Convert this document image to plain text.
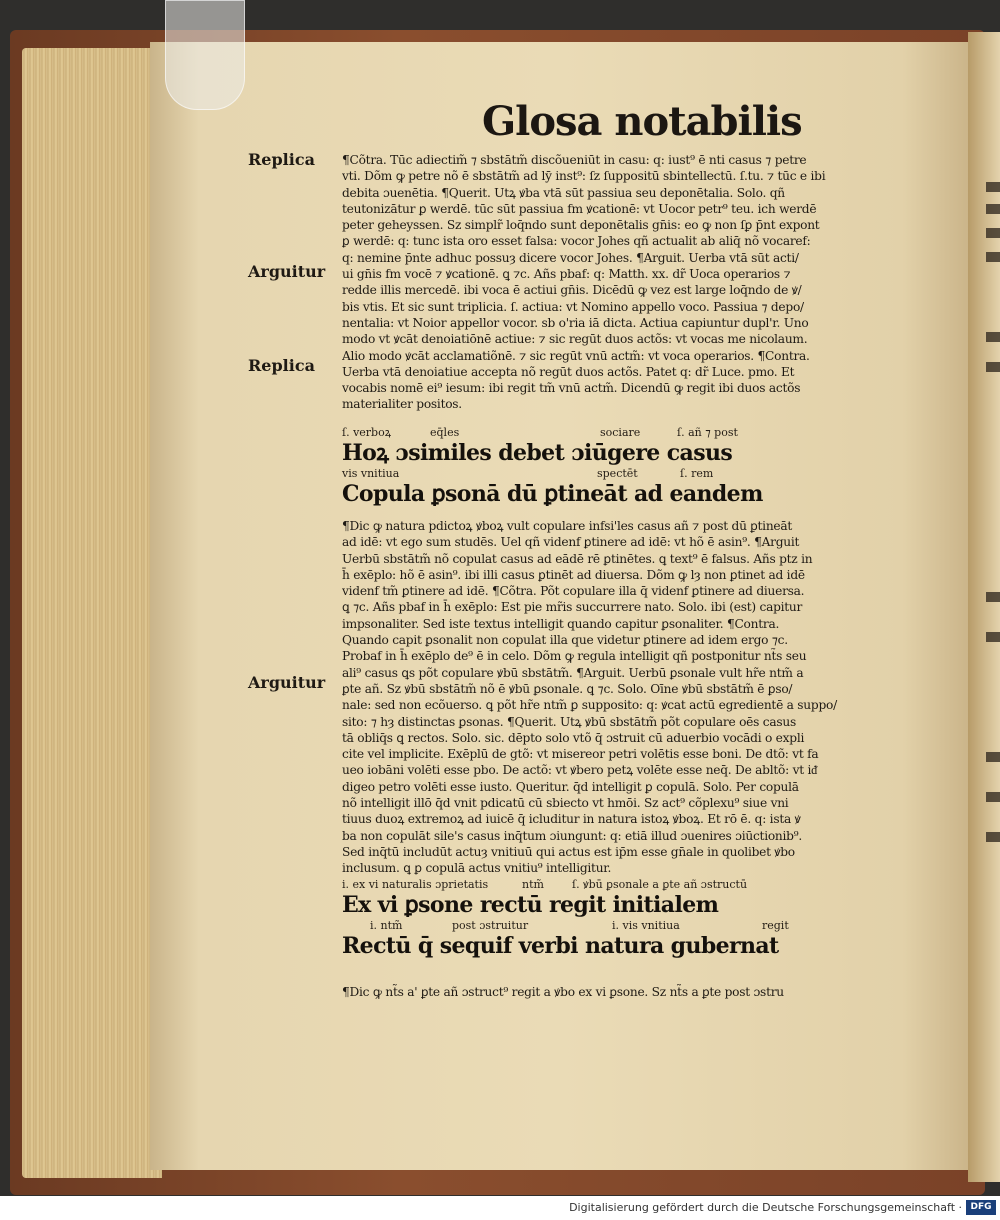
Glosa notabilis
Replica
Arguitur
Replica
Arguitur
¶Cõtra. Tūc adiectim̃ ⁊ sbstātm̃ discõueniūt in casu: q: iust⁹ ē nti casus ⁊ petre
vti. Dõm ꝙ petre nõ ē sbstātm̃ ad lȳ inst⁹: ſz ſuppositū sbintellectū. ſ.tu. ⁊ tūc e ibi
debita ɔuenētia. ¶Querit. Utꝝ ꝟba vtā sūt passiua seu deponētalia. Solo. qñ
teutonizātur ꝑ werdē. tūc sūt passiua fm ꝟcationē: vt Uocor petr⁹ teu. ich werdē
peter geheyssen. Sz simplr̃ loq̄ndo sunt deponētalis gn̄is: eo ꝙ non ſꝑ p̄nt expont
ꝑ werdē: q: tunc ista oro esset falsa: vocor Johes qñ actualit ab aliq̄ nõ vocaref:
q: nemine p̄nte adhuc possuȝ dicere vocor Johes. ¶Arguit. Uerba vtā sūt acti/
ui gn̄is fm vocē ⁊ ꝟcationē. ꝗ ⁊c. Añs pbaf: q: Matth. xx. dr̃ Uoca operarios ⁊
redde illis mercedē. ibi voca ē actiui gn̄is. Dicēdū ꝙ vez est large loq̄ndo de ꝟ/
bis vtis. Et sic sunt triplicia. ſ. actiua: vt Nomino appello voco. Passiua ⁊ depo/
nentalia: vt Noior appellor vocor. sb o'ria iā dicta. Actiua capiuntur dupl'r. Uno
modo vt ꝟcāt denoiatiōnē actiue: ⁊ sic regūt duos actõs: vt vocas me nicolaum.
Alio modo ꝟcāt acclamatiõnē. ⁊ sic regūt vnū actm̃: vt voca operarios. ¶Contra.
Uerba vtā denoiatiue accepta nõ regūt duos actõs. Patet q: dr̃ Luce. pmo. Et
vocabis nomē ei⁹ iesum: ibi regit tm̃ vnū actm̃. Dicendū ꝙ regit ibi duos actõs
materialiter positos.
ſ. verboꝝ	eq̄les	sociare	ſ. añ ⁊ post
Hoꝝ ɔsimiles debet ɔiūgere casus
vis vnitiua	spectēt	ſ. rem
Copula ꝑsonā dū ꝑtineāt ad eandem
¶Dic ꝙ natura pdictoꝝ ꝟboꝝ vult copulare infsi'les casus añ ⁊ post dū ꝑtineāt
ad idē: vt ego sum studēs. Uel qñ videnf ꝑtinere ad idē: vt hõ ē asin⁹. ¶Arguit
Uerbū sbstātm̃ nõ copulat casus ad eādē rē ꝑtinētes. ꝗ text⁹ ē falsus. Añs ptz in
h̄ exēplo: hõ ē asin⁹. ibi illi casus ꝑtinēt ad diuersa. Dõm ꝙ lȝ non ꝑtinet ad idē
videnf tm̃ ꝑtinere ad idē. ¶Cõtra. Põt copulare illa q̄ videnf ꝑtinere ad diuersa.
ꝗ ⁊c. Añs pbaf in h̄ exēplo: Est pie mr̃is succurrere nato. Solo. ibi (est) capitur
impsonaliter. Sed iste textus intelligit quando capitur ꝑsonaliter. ¶Contra.
Quando capit ꝑsonalit non copulat illa que videtur ꝑtinere ad idem ergo ⁊c.
Probaf in h̄ exēplo de⁹ ē in celo. Dõm ꝙ regula intelligit qñ postponitur nt̃s seu
ali⁹ casus ꝗs põt copulare ꝟbū sbstātm̃. ¶Arguit. Uerbū ꝑsonale vult hr̃e ntm̃ a
ꝑte añ. Sz ꝟbū sbstātm̃ nõ ē ꝟbū ꝑsonale. ꝗ ⁊c. Solo. Oīne ꝟbū sbstātm̃ ē ꝑso/
nale: sed non ecõuerso. ꝗ põt hr̃e ntm̃ ꝑ supposito: q: ꝟcat actū egredientē a suppo/
sito: ⁊ hȝ distinctas ꝑsonas. ¶Querit. Utꝝ ꝟbū sbstātm̃ põt copulare oēs casus
tā obliq̄s ꝗ rectos. Solo. sic. dēpto solo vtõ q̄ ɔstruit cū aduerbio vocādi o expli
cite vel implicite. Exēplū de gtõ: vt misereor petri volētis esse boni. De dtõ: vt fa
ueo iobāni volēti esse pbo. De actõ: vt ꝟbero petꝝ volēte esse neq̄. De abltõ: vt iᵭ
digeo petro volēti esse iusto. Queritur. q̄d intelligit ꝑ copulā. Solo. Per copulā
nõ intelligit illō q̄d vnit pdicatū cū sbiecto vt hmōi. Sz act⁹ cõplexu⁹ siue vni
tiuus duoꝝ extremoꝝ ad iuicē q̄ icluditur in natura istoꝝ ꝟboꝝ. Et rō ē. q: ista ꝟ
ba non copulāt sile's casus inq̄tum ɔiungunt: q: etiā illud ɔuenires ɔiūctionib⁹.
Sed inq̄tū includūt actuȝ vnitiuū qui actus est ip̄m esse gn̄ale in quolibet ꝟbo
inclusum. ꝗ ꝑ copulā actus vnitiu⁹ intelligitur.
i. ex vi naturalis ɔprietatis	ntm̃	ſ. ꝟbū ꝑsonale a ꝑte añ ɔstructū
Ex vi ꝑsone rectū regit initialem
i. ntm̃	post ɔstruitur	i. vis vnitiua	regit
Rectū q̄ sequif verbi natura gubernat
¶Dic ꝙ nt̃s a' ꝑte añ ɔstruct⁹ regit a ꝟbo ex vi ꝑsone. Sz nt̃s a ꝑte post ɔstru
Digitalisierung gefördert durch die Deutsche Forschungsgemeinschaft · DFG
